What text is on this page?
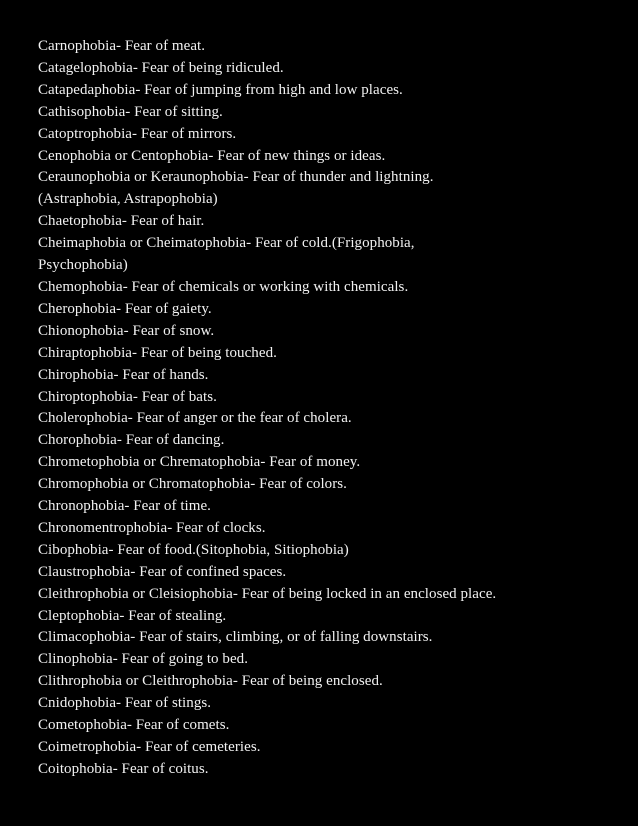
Carnophobia- Fear of meat.

Catagelophobia- Fear of being ridiculed.

Catapedaphobia- Fear of jumping from high and low places.

Cathisophobia- Fear of sitting.

Catoptrophobia- Fear of mirrors.

Cenophobia or Centophobia- Fear of new things or ideas.

Ceraunophobia or Keraunophobia- Fear of thunder and lightning.(Astraphobia, Astrapophobia)

Chaetophobia- Fear of hair.

Cheimaphobia or Cheimatophobia- Fear of cold.(Frigophobia, Psychophobia)

Chemophobia- Fear of chemicals or working with chemicals.

Cherophobia- Fear of gaiety.

Chionophobia- Fear of snow.

Chiraptophobia- Fear of being touched.

Chirophobia- Fear of hands.

Chiroptophobia- Fear of bats.

Cholerophobia- Fear of anger or the fear of cholera.

Chorophobia- Fear of dancing.

Chrometophobia or Chrematophobia- Fear of money.

Chromophobia or Chromatophobia- Fear of colors.

Chronophobia- Fear of time.

Chronomentrophobia- Fear of clocks.

Cibophobia- Fear of food.(Sitophobia, Sitiophobia)

Claustrophobia- Fear of confined spaces.

Cleithrophobia or Cleisiophobia- Fear of being locked in an enclosed place.

Cleptophobia- Fear of stealing.

Climacophobia- Fear of stairs, climbing, or of falling downstairs.

Clinophobia- Fear of going to bed.

Clithrophobia or Cleithrophobia- Fear of being enclosed.

Cnidophobia- Fear of stings.

Cometophobia- Fear of comets.

Coimetrophobia- Fear of cemeteries.

Coitophobia- Fear of coitus.
